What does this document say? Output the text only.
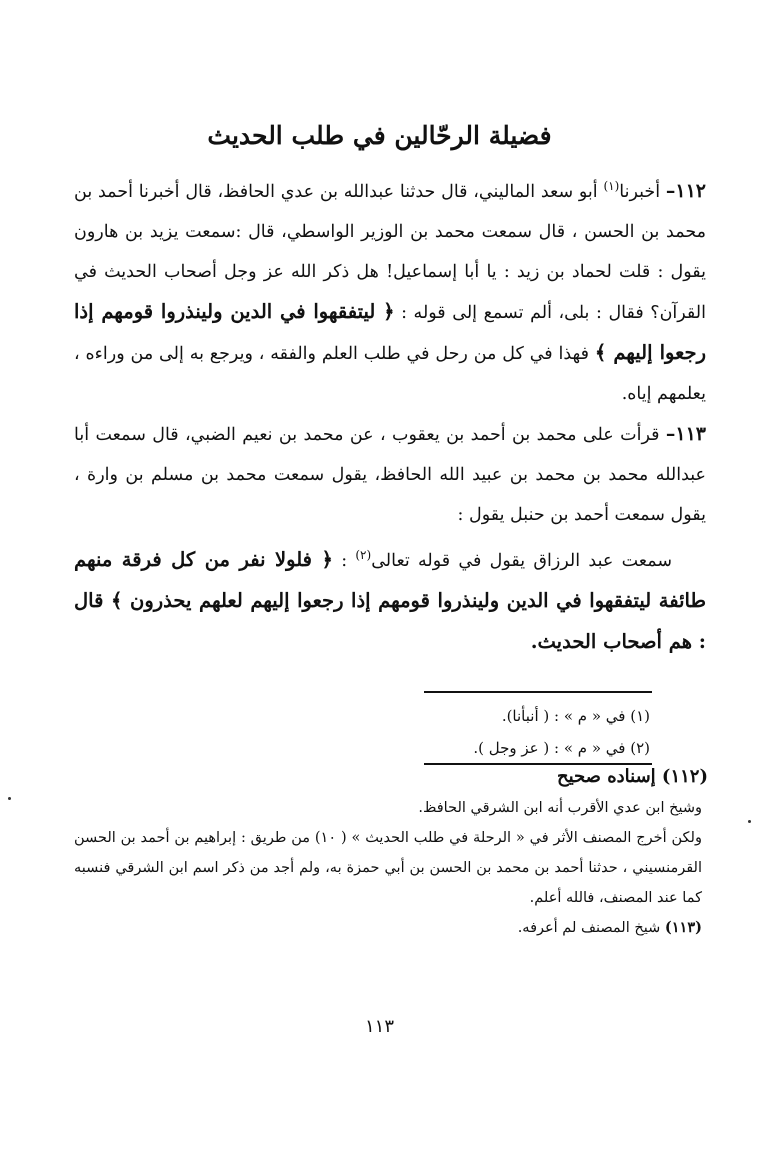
فضيلة الرحّالين في طلب الحديث

١١٢– أخبرنا$^{(١)}$ أبو سعد الماليني، قال حدثنا عبدالله بن عدي الحافظ، قال أخبرنا أحمد بن محمد بن الحسن ، قال سمعت محمد بن الوزير الواسطي، قال :سمعت يزيد بن هارون يقول : قلت لحماد بن زيد : يا أبا إسماعيل! هل ذكر الله عز وجل أصحاب الحديث في القرآن؟ فقال : بلى، ألم تسمع إلى قوله : ﴿ ليتفقهوا في الدين ولينذروا قومهم إذا رجعوا إليهم ﴾ فهذا في كل من رحل في طلب العلم والفقه ، ويرجع به إلى من وراءه ، يعلمهم إياه.

١١٣– قرأت على محمد بن أحمد بن يعقوب ، عن محمد بن نعيم الضبي، قال سمعت أبا عبدالله محمد بن محمد بن عبيد الله الحافظ، يقول سمعت محمد بن مسلم بن وارة ، يقول سمعت أحمد بن حنبل يقول :

سمعت عبد الرزاق يقول في قوله تعالى$^{(٢)}$ : ﴿ فلولا نفر من كل فرقة منهم طائفة ليتفقهوا في الدين ولينذروا قومهم إذا رجعوا إليهم لعلهم يحذرون ﴾ قال : هم أصحاب الحديث.

(١) في « م » : ( أنبأنا).
(٢) في « م » : ( عز وجل ).

(١١٢) إسناده صحيح

وشيخ ابن عدي الأقرب أنه ابن الشرقي الحافظ.

ولكن أخرج المصنف الأثر في « الرحلة في طلب الحديث » ( ١٠) من طريق : إبراهيم بن أحمد بن الحسن القرمنسيني ، حدثنا أحمد بن محمد بن الحسن بن أبي حمزة به، ولم أجد من ذكر اسم ابن الشرقي فنسبه كما عند المصنف، فالله أعلم.

(١١٣) شيخ المصنف لم أعرفه.

١١٣
